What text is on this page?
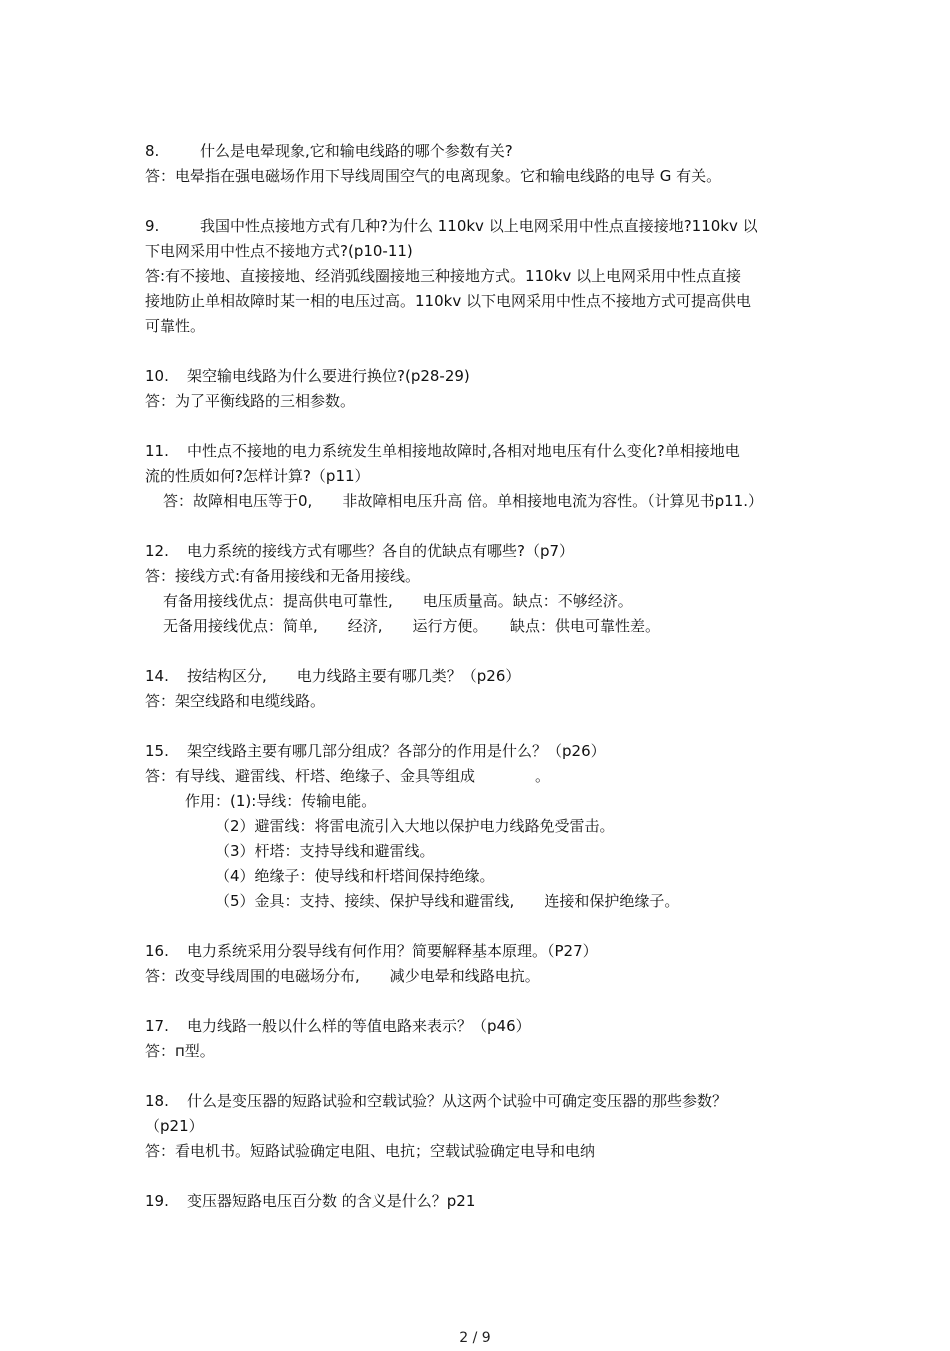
8.	什么是电晕现象,它和输电线路的哪个参数有关?
答：电晕指在强电磁场作用下导线周围空气的电离现象。它和输电线路的电导 G 有关。
9.	我国中性点接地方式有几种?为什么 110kv 以上电网采用中性点直接接地?110kv 以
下电网采用中性点不接地方式?(p10-11)
答:有不接地、直接接地、经消弧线圈接地三种接地方式。110kv 以上电网采用中性点直接
接地防止单相故障时某一相的电压过高。110kv 以下电网采用中性点不接地方式可提高供电
可靠性。
10. 架空输电线路为什么要进行换位?(p28-29)
答：为了平衡线路的三相参数。
11. 中性点不接地的电力系统发生单相接地故障时,各相对地电压有什么变化?单相接地电
流的性质如何?怎样计算?（p11）
答：故障相电压等于0,　　非故障相电压升高 倍。单相接地电流为容性。（计算见书p11.）
12. 电力系统的接线方式有哪些？各自的优缺点有哪些?（p7）
答：接线方式:有备用接线和无备用接线。
有备用接线优点：提高供电可靠性,　　电压质量高。缺点：不够经济。
无备用接线优点：简单,　　经济,　　运行方便。　　缺点：供电可靠性差。
14. 按结构区分,　　电力线路主要有哪几类？（p26）
答：架空线路和电缆线路。
15. 架空线路主要有哪几部分组成？各部分的作用是什么？（p26）
答：有导线、避雷线、杆塔、绝缘子、金具等组成　　　　。
作用：(1):导线：传输电能。
（2）避雷线：将雷电流引入大地以保护电力线路免受雷击。
（3）杆塔：支持导线和避雷线。
（4）绝缘子：使导线和杆塔间保持绝缘。
（5）金具：支持、接续、保护导线和避雷线,　　连接和保护绝缘子。
16. 电力系统采用分裂导线有何作用？简要解释基本原理。（P27）
答：改变导线周围的电磁场分布,　　减少电晕和线路电抗。
17. 电力线路一般以什么样的等值电路来表示？（p46）
答：п型。
18. 什么是变压器的短路试验和空载试验？从这两个试验中可确定变压器的那些参数？
（p21）
答：看电机书。短路试验确定电阻、电抗；空载试验确定电导和电纳
19. 变压器短路电压百分数 的含义是什么？p21
2 / 9
